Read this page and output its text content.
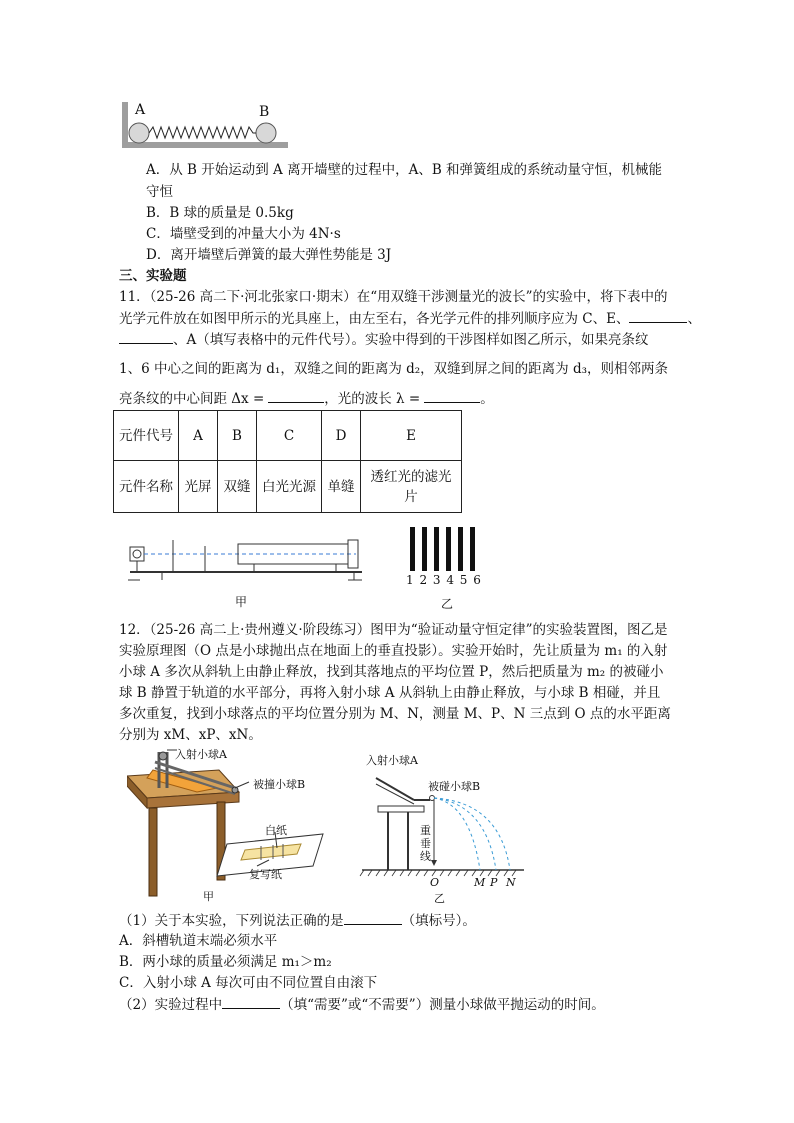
A	B
A．从 B 开始运动到 A 离开墙壁的过程中，A、B 和弹簧组成的系统动量守恒，机械能
守恒
B．B 球的质量是 0.5kg
C．墙壁受到的冲量大小为 4N·s
D．离开墙壁后弹簧的最大弹性势能是 3J
三、实验题
11．（25-26 高二下·河北张家口·期末）在“用双缝干涉测量光的波长”的实验中，将下表中的
光学元件放在如图甲所示的光具座上，由左至右，各光学元件的排列顺序应为 C、E、	、
、A（填写表格中的元件代号）。实验中得到的干涉图样如图乙所示，如果亮条纹
1、6 中心之间的距离为 d₁，双缝之间的距离为 d₂，双缝到屏之间的距离为 d₃，则相邻两条
亮条纹的中心间距 Δx =	，光的波长 λ =	。
元件代号	A	B	C	D	E
元件名称	光屏	双缝	白光光源	单缝	透红光的滤光片
甲
1 2 3 4 5 6
乙
12．（25-26 高二上·贵州遵义·阶段练习）图甲为“验证动量守恒定律”的实验装置图，图乙是
实验原理图（O 点是小球抛出点在地面上的垂直投影）。实验开始时，先让质量为 m₁ 的入射
小球 A 多次从斜轨上由静止释放，找到其落地点的平均位置 P，然后把质量为 m₂ 的被碰小
球 B 静置于轨道的水平部分，再将入射小球 A 从斜轨上由静止释放，与小球 B 相碰，并且
多次重复，找到小球落点的平均位置分别为 M、N，测量 M、P、N 三点到 O 点的水平距离
分别为 xM、xP、xN。
入射小球A
被撞小球B
白纸
复写纸
甲
入射小球A
被碰小球B
重垂线
O	M P N
乙
（1）关于本实验，下列说法正确的是	（填标号）。
A．斜槽轨道末端必须水平
B．两小球的质量必须满足 m₁＞m₂
C．入射小球 A 每次可由不同位置自由滚下
（2）实验过程中	（填“需要”或“不需要”）测量小球做平抛运动的时间。
